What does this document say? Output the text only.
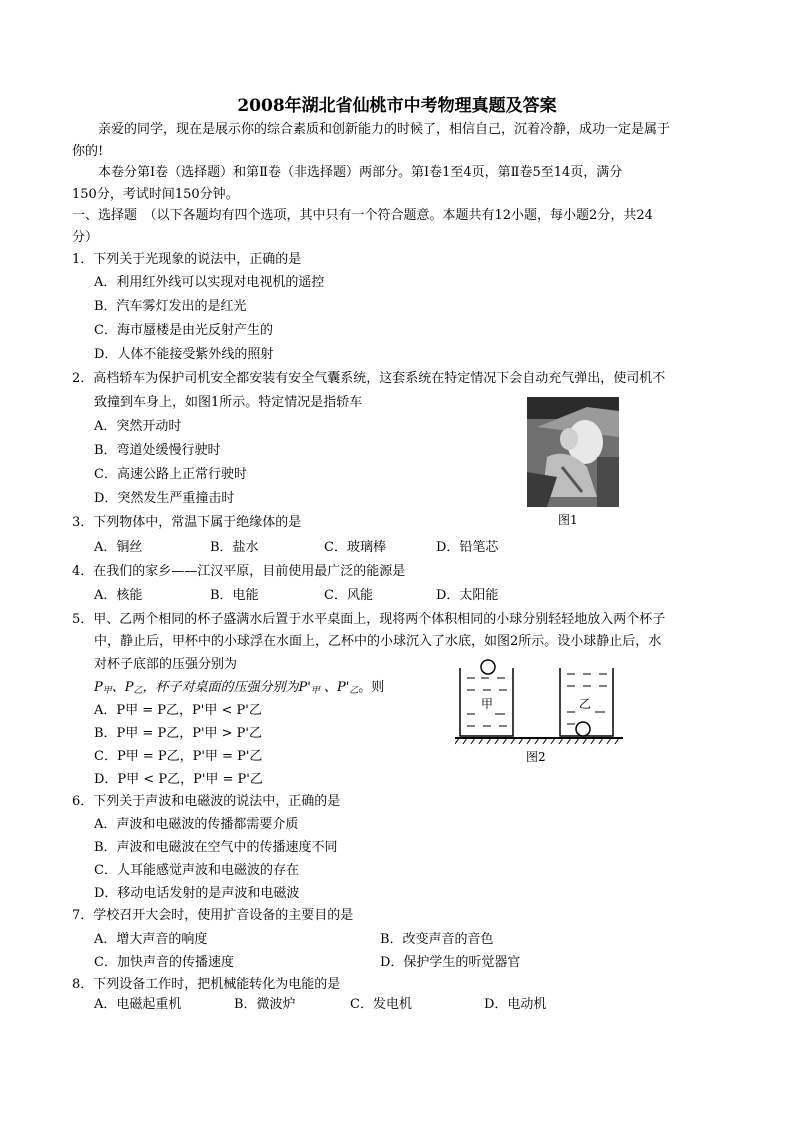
2008年湖北省仙桃市中考物理真题及答案
亲爱的同学，现在是展示你的综合素质和创新能力的时候了，相信自己，沉着冷静，成功一定是属于
你的!
本卷分第Ⅰ卷（选择题）和第Ⅱ卷（非选择题）两部分。第Ⅰ卷1至4页，第Ⅱ卷5至14页，满分
150分，考试时间150分钟。
一、选择题　（以下各题均有四个选项，其中只有一个符合题意。本题共有12小题，每小题2分，共24
分）
1．下列关于光现象的说法中，正确的是
A．利用红外线可以实现对电视机的遥控
B．汽车雾灯发出的是红光
C．海市蜃楼是由光反射产生的
D．人体不能接受紫外线的照射
2．高档轿车为保护司机安全都安装有安全气囊系统，这套系统在特定情况下会自动充气弹出，使司机不
致撞到车身上，如图1所示。特定情况是指轿车
A．突然开动时
B．弯道处缓慢行驶时
C．高速公路上正常行驶时
D．突然发生严重撞击时
图1
3．下列物体中，常温下属于绝缘体的是
A．铜丝	B．盐水	C．玻璃棒	D．铅笔芯
4．在我们的家乡——江汉平原，目前使用最广泛的能源是
A．核能	B．电能	C．风能	D．太阳能
5．甲、乙两个相同的杯子盛满水后置于水平桌面上，现将两个体积相同的小球分别轻轻地放入两个杯子
中，静止后，甲杯中的小球浮在水面上，乙杯中的小球沉入了水底，如图2所示。设小球静止后，水
对杯子底部的压强分别为
$P_甲$、$P_乙$，杯子对桌面的压强分别为$P'_甲$ 、$P'_乙$。则
A．P甲 = P乙，P'甲 < P'乙
B．P甲 = P乙，P'甲 > P'乙
C．P甲 = P乙，P'甲 = P'乙
D．P甲 < P乙，P'甲 = P'乙
甲	乙
图2
6．下列关于声波和电磁波的说法中，正确的是
A．声波和电磁波的传播都需要介质
B．声波和电磁波在空气中的传播速度不同
C．人耳能感觉声波和电磁波的存在
D．移动电话发射的是声波和电磁波
7．学校召开大会时，使用扩音设备的主要目的是
A．增大声音的响度	B．改变声音的音色
C．加快声音的传播速度	D．保护学生的听觉器官
8．下列设备工作时，把机械能转化为电能的是
A．电磁起重机	B．微波炉	C．发电机	D．电动机
